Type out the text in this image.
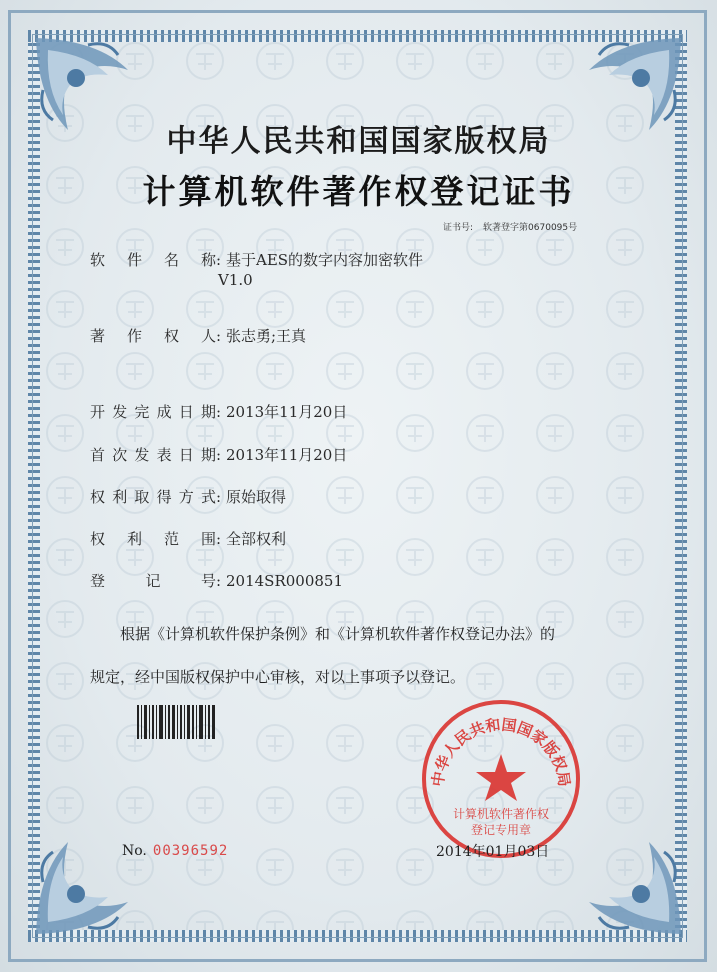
中华人民共和国国家版权局
计算机软件著作权登记证书
证书号: 软著登字第0670095号
软件名称: 基于AES的数字内容加密软件
V1.0
著作权人: 张志勇;王真
开发完成日期: 2013年11月20日
首次发表日期: 2013年11月20日
权利取得方式: 原始取得
权利范围: 全部权利
登记号: 2014SR000851
根据《计算机软件保护条例》和《计算机软件著作权登记办法》的
规定，经中国版权保护中心审核，对以上事项予以登记。
中华人民共和国国家版权局
计算机软件著作权
登记专用章
No. 00396592	2014年01月03日
